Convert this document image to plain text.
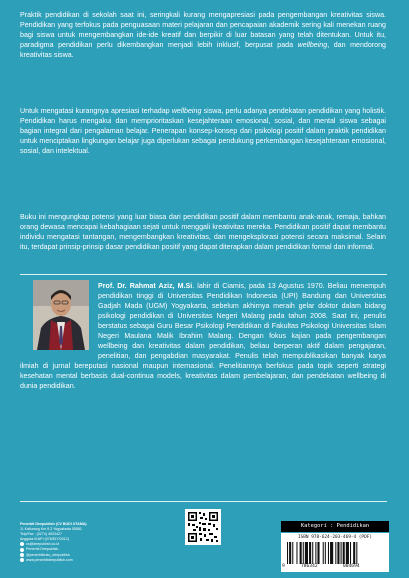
Praktik pendidikan di sekolah saat ini, seringkali kurang mengapresiasi pada pengembangan kreativitas siswa. Pendidikan yang terfokus pada penguasaan materi pelajaran dan pencapaian akademik sering kali menekan ruang bagi siswa untuk mengembangkan ide-ide kreatif dan berpikir di luar batasan yang telah ditentukan. Untuk itu, paradigma pendidikan perlu dikembangkan menjadi lebih inklusif, berpusat pada wellbeing, dan mendorong kreativitas siswa.

Untuk mengatasi kurangnya apresiasi terhadap wellbeing siswa, perlu adanya pendekatan pendidikan yang holistik. Pendidikan harus mengakui dan memprioritaskan kesejahteraan emosional, sosial, dan mental siswa sebagai bagian integral dari pengalaman belajar. Penerapan konsep-konsep dari psikologi positif dalam praktik pendidikan untuk menciptakan lingkungan belajar juga diperlukan sebagai pendukung perkembangan kesejahteraan emosional, sosial, dan intelektual.

Buku ini mengungkap potensi yang luar biasa dari pendidikan positif dalam membantu anak-anak, remaja, bahkan orang dewasa mencapai kebahagiaan sejati untuk menggali kreativitas mereka. Pendidikan positif dapat membantu individu mengatasi tantangan, mengembangkan kreativitas, dan mengeksplorasi potensi secara maksimal. Selain itu, terdapat prinsip-prinsip dasar pendidikan positif yang dapat diterapkan dalam pendidikan formal dan informal.

Prof. Dr. Rahmat Aziz, M.Si. lahir di Ciamis, pada 13 Agustus 1970. Beliau menempuh pendidikan tinggi di Universitas Pendidikan Indonesia (UPI) Bandung dan Universitas Gadjah Mada (UGM) Yogyakarta, sebelum akhirnya meraih gelar doktor dalam bidang psikologi pendidikan di Universitas Negeri Malang pada tahun 2008. Saat ini, penulis berstatus sebagai Guru Besar Psikologi Pendidikan di Fakultas Psikologi Universitas Islam Negeri Maulana Malik Ibrahim Malang. Dengan fokus kajian pada pengembangan wellbeing dan kreativitas dalam pendidikan, beliau berperan aktif dalam pengajaran, penelitian, dan pengabdian masyarakat. Penulis telah mempublikasikan banyak karya ilmiah di jurnal bereputasi nasional maupun internasional. Penelitiannya berfokus pada topik seperti strategi kesehatan mental berbasis dual-continua models, kreativitas dalam pembelajaran, dan pendekatan wellbeing di dunia pendidikan.
Penerbit Deepublish (CV BUDI UTAMA)
Jl. Kaliurang Km.9,3 Yogyakarta 55581
Telp/Fax : (0274) 4533427
Anggota IKAPI (076/DIY/2012)
cs@deepublish.co.id
Penerbit Deepublish
@penerbitbuku_deepublish
www.penerbitdeepublish.com
Kategori : Pendidikan
ISBN 978-624-203-469-4 (PDF)
9	786342	004694
